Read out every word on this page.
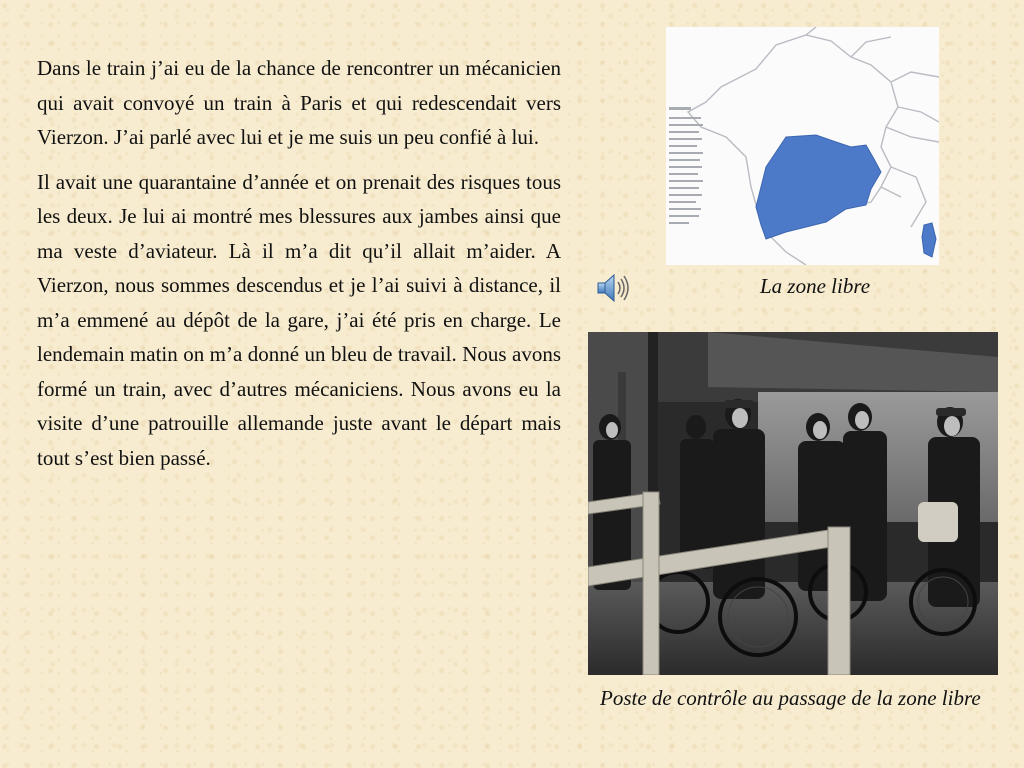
Dans le train j’ai eu de la chance de rencontrer un mécanicien qui avait convoyé un train à Paris et qui redescendait vers Vierzon. J’ai parlé avec lui et je me suis un peu confié à lui.

Il avait une quarantaine d’année et on prenait des risques tous les deux. Je lui ai montré mes blessures aux jambes ainsi que ma veste d’aviateur. Là il m’a dit qu’il allait m’aider. A Vierzon, nous sommes descendus et je l’ai suivi à distance, il m’a emmené au dépôt de la gare, j’ai été pris en charge. Le lendemain matin on m’a donné un bleu de travail. Nous avons formé un train, avec d’autres mécaniciens. Nous avons eu la visite d’une patrouille allemande juste avant le départ mais tout s’est bien passé.

La zone libre
Poste de contrôle au passage de la zone libre
